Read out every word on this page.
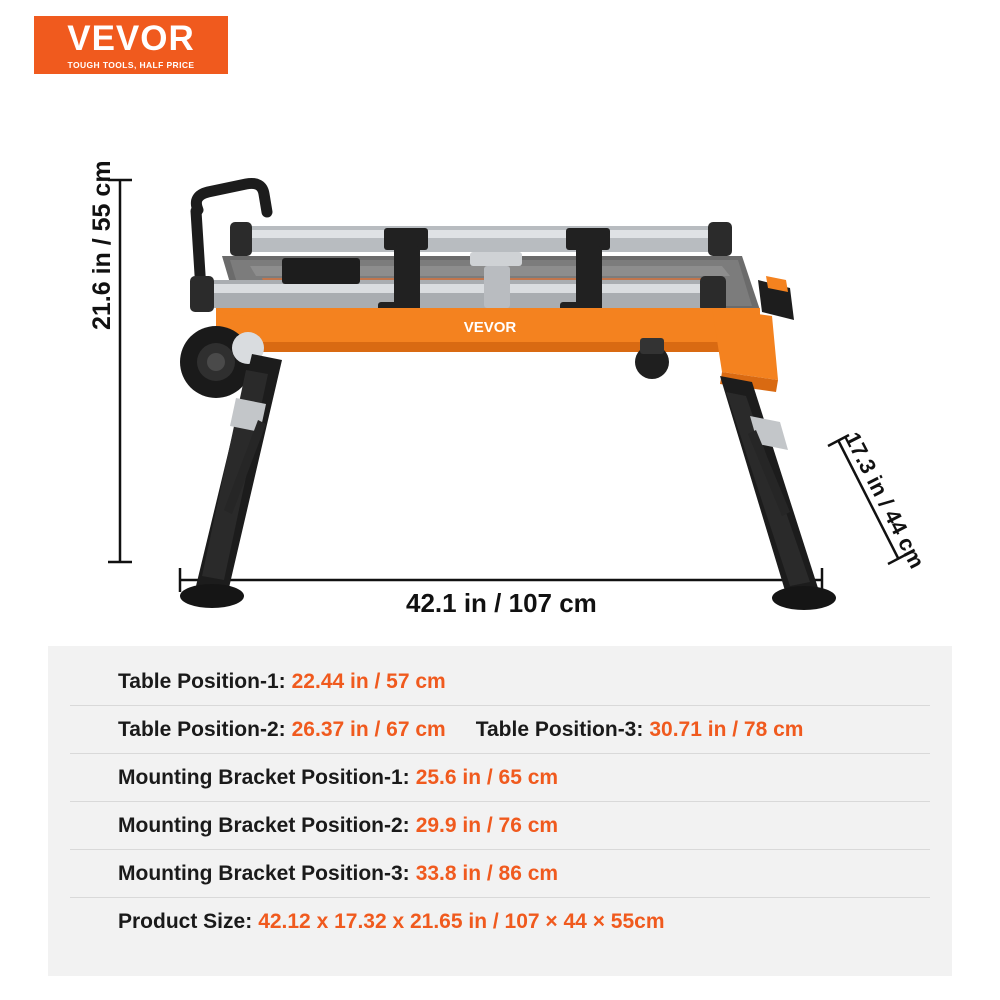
VEVOR
TOUGH TOOLS, HALF PRICE
VEVOR
21.6 in / 55 cm
17.3 in / 44 cm
42.1 in / 107 cm
Table Position-1: 22.44 in / 57 cm
Table Position-2: 26.37 in / 67 cm Table Position-3: 30.71 in / 78 cm
Mounting Bracket Position-1: 25.6 in / 65 cm
Mounting Bracket Position-2: 29.9 in / 76 cm
Mounting Bracket Position-3: 33.8 in / 86 cm
Product Size: 42.12 x 17.32 x 21.65 in / 107 × 44 × 55cm
